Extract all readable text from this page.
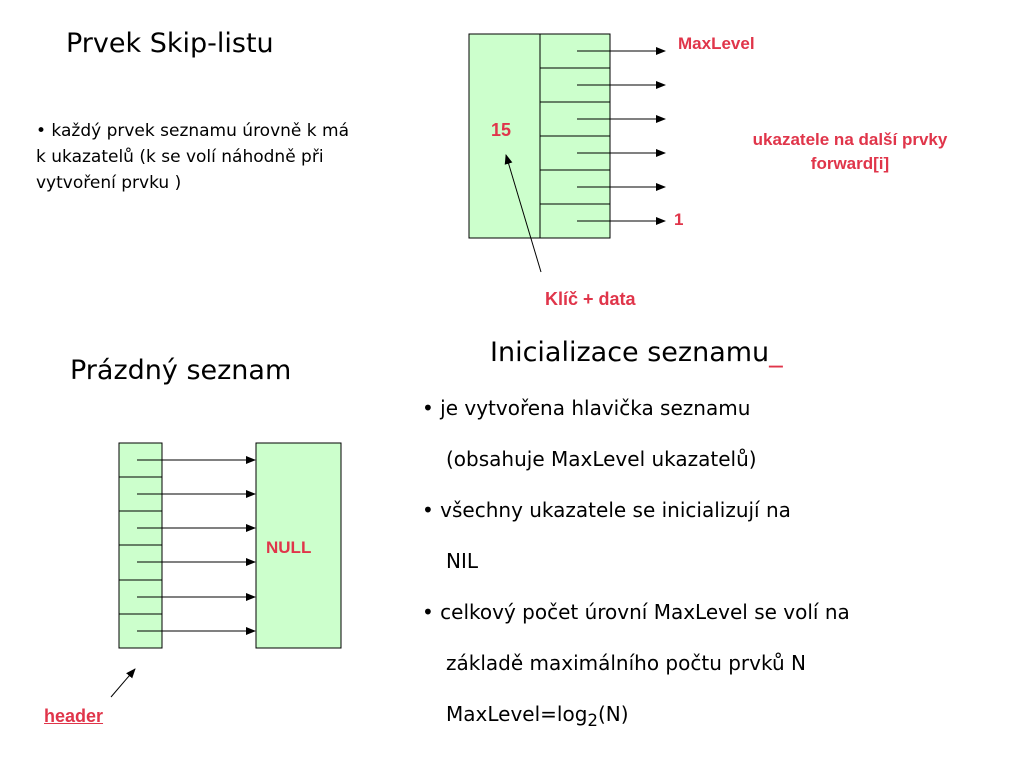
Prvek Skip-listu
• každý prvek seznamu úrovně k má
k ukazatelů (k se volí náhodně při
vytvoření prvku )
15
MaxLevel
1
ukazatele na další prvky
forward[i]
Klíč + data
Prázdný seznam
NULL
header
Inicializace seznamu_
• je vytvořena hlavička seznamu
(obsahuje MaxLevel ukazatelů)
• všechny ukazatele se inicializují na
NIL
• celkový počet úrovní MaxLevel se volí na
základě maximálního počtu prvků N
$MaxLevel=\log_2(N)$
